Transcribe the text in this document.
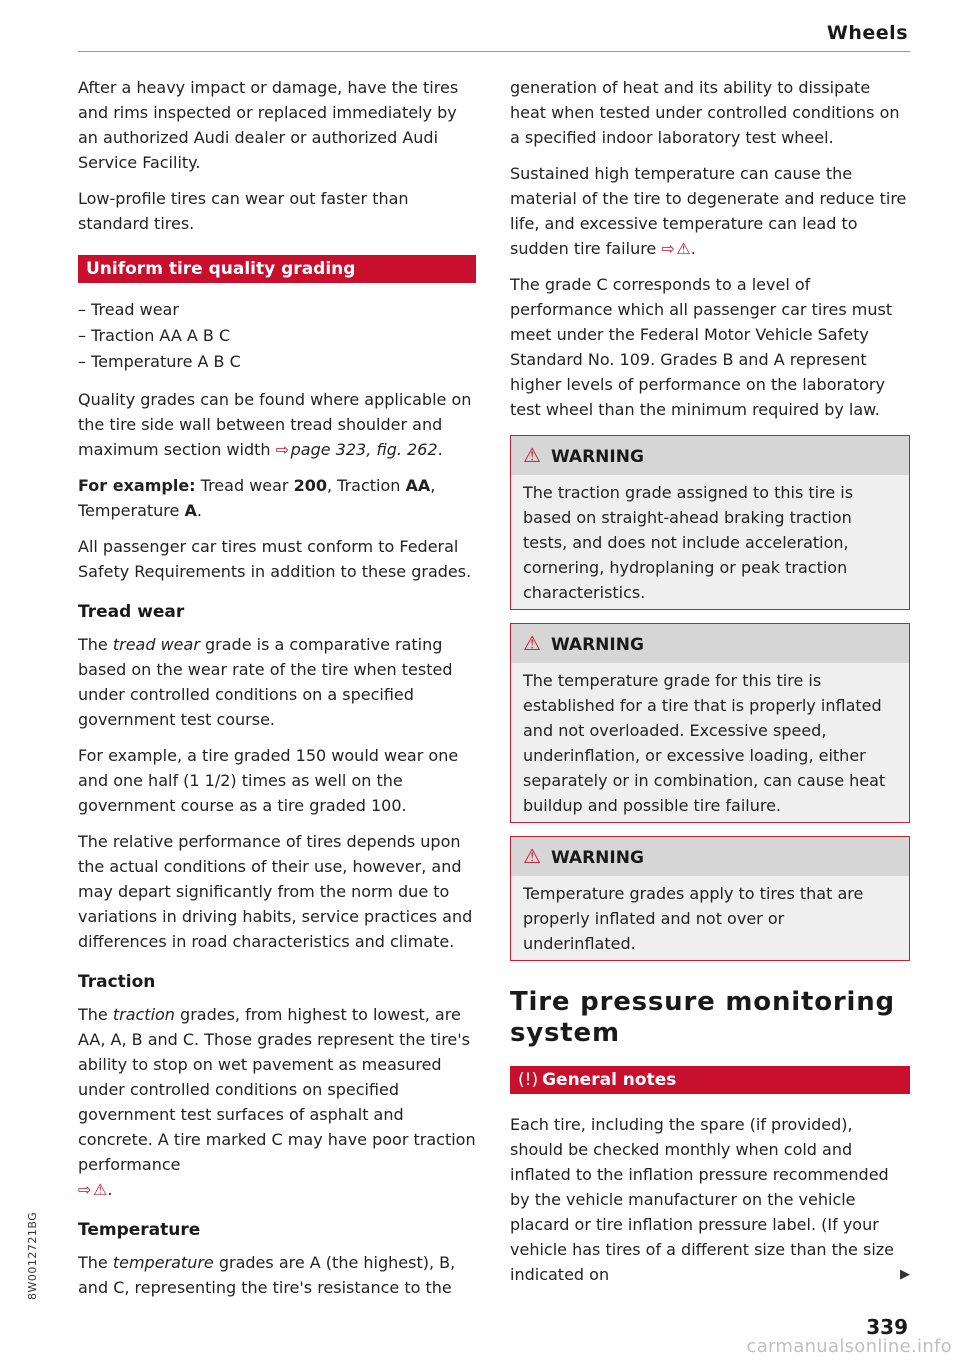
Wheels

After a heavy impact or damage, have the tires and rims inspected or replaced immediately by an authorized Audi dealer or authorized Audi Service Facility.

Low-profile tires can wear out faster than standard tires.

Uniform tire quality grading
– Tread wear
– Traction AA A B C
– Temperature A B C

Quality grades can be found where applicable on the tire side wall between tread shoulder and maximum section width ⇨ page 323, fig. 262.

For example: Tread wear 200, Traction AA, Temperature A.

All passenger car tires must conform to Federal Safety Requirements in addition to these grades.

Tread wear

The tread wear grade is a comparative rating based on the wear rate of the tire when tested under controlled conditions on a specified government test course.

For example, a tire graded 150 would wear one and one half (1 1/2) times as well on the government course as a tire graded 100.

The relative performance of tires depends upon the actual conditions of their use, however, and may depart significantly from the norm due to variations in driving habits, service practices and differences in road characteristics and climate.

Traction

The traction grades, from highest to lowest, are AA, A, B and C. Those grades represent the tire's ability to stop on wet pavement as measured under controlled conditions on specified government test surfaces of asphalt and concrete. A tire marked C may have poor traction performance
⇨ ⚠.

Temperature

The temperature grades are A (the highest), B, and C, representing the tire's resistance to the

generation of heat and its ability to dissipate heat when tested under controlled conditions on a specified indoor laboratory test wheel.

Sustained high temperature can cause the material of the tire to degenerate and reduce tire life, and excessive temperature can lead to sudden tire failure ⇨ ⚠.

The grade C corresponds to a level of performance which all passenger car tires must meet under the Federal Motor Vehicle Safety Standard No. 109. Grades B and A represent higher levels of performance on the laboratory test wheel than the minimum required by law.

⚠ WARNING

The traction grade assigned to this tire is based on straight-ahead braking traction tests, and does not include acceleration, cornering, hydroplaning or peak traction characteristics.

⚠ WARNING

The temperature grade for this tire is established for a tire that is properly inflated and not overloaded. Excessive speed, underinflation, or excessive loading, either separately or in combination, can cause heat buildup and possible tire failure.

⚠ WARNING

Temperature grades apply to tires that are properly inflated and not over or underinflated.

Tire pressure monitoring system
(!) General notes

Each tire, including the spare (if provided), should be checked monthly when cold and inflated to the inflation pressure recommended by the vehicle manufacturer on the vehicle placard or tire inflation pressure label. (If your vehicle has tires of a different size than the size indicated on	▶

8W0012721BG
339
carmanualsonline.info
